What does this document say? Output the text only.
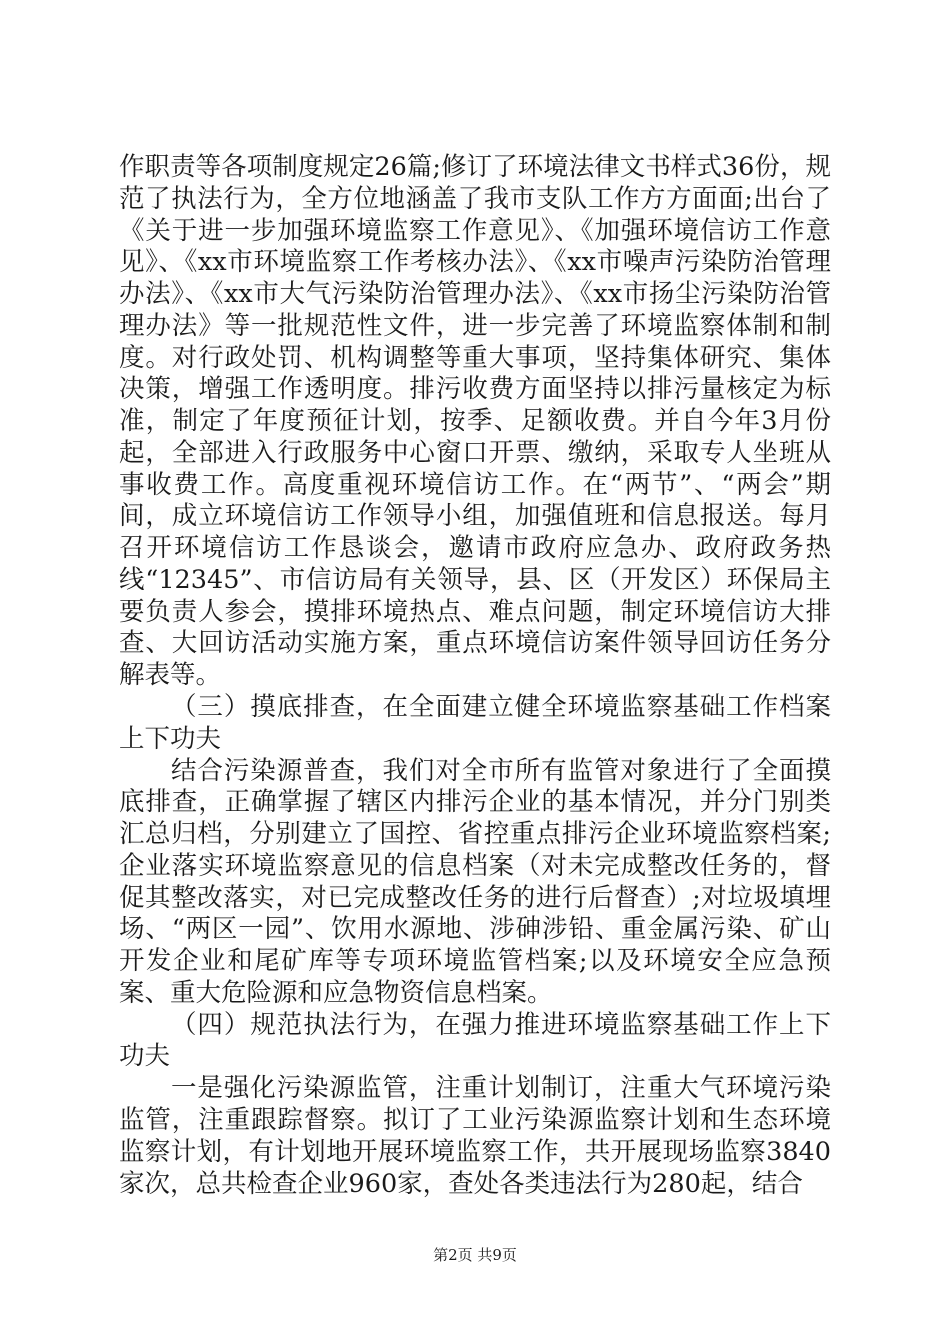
作职责等各项制度规定26篇;修订了环境法律文书样式36份，规范了执法行为，全方位地涵盖了我市支队工作方方面面;出台了《关于进一步加强环境监察工作意见》、《加强环境信访工作意见》、《xx市环境监察工作考核办法》、《xx市噪声污染防治管理办法》、《xx市大气污染防治管理办法》、《xx市扬尘污染防治管理办法》等一批规范性文件，进一步完善了环境监察体制和制度。对行政处罚、机构调整等重大事项，坚持集体研究、集体决策，增强工作透明度。排污收费方面坚持以排污量核定为标准，制定了年度预征计划，按季、足额收费。并自今年3月份起，全部进入行政服务中心窗口开票、缴纳，采取专人坐班从事收费工作。高度重视环境信访工作。在“两节”、“两会”期间，成立环境信访工作领导小组，加强值班和信息报送。每月召开环境信访工作恳谈会，邀请市政府应急办、政府政务热线“12345”、市信访局有关领导，县、区（开发区）环保局主要负责人参会，摸排环境热点、难点问题，制定环境信访大排查、大回访活动实施方案，重点环境信访案件领导回访任务分解表等。

（三）摸底排查，在全面建立健全环境监察基础工作档案上下功夫

结合污染源普查，我们对全市所有监管对象进行了全面摸底排查，正确掌握了辖区内排污企业的基本情况，并分门别类汇总归档，分别建立了国控、省控重点排污企业环境监察档案;企业落实环境监察意见的信息档案（对未完成整改任务的，督促其整改落实，对已完成整改任务的进行后督查）;对垃圾填埋场、“两区一园”、饮用水源地、涉砷涉铅、重金属污染、矿山开发企业和尾矿库等专项环境监管档案;以及环境安全应急预案、重大危险源和应急物资信息档案。

（四）规范执法行为，在强力推进环境监察基础工作上下功夫

一是强化污染源监管，注重计划制订，注重大气环境污染监管，注重跟踪督察。拟订了工业污染源监察计划和生态环境监察计划，有计划地开展环境监察工作，共开展现场监察3840家次，总共检查企业960家，查处各类违法行为280起，结合

第2页 共9页
